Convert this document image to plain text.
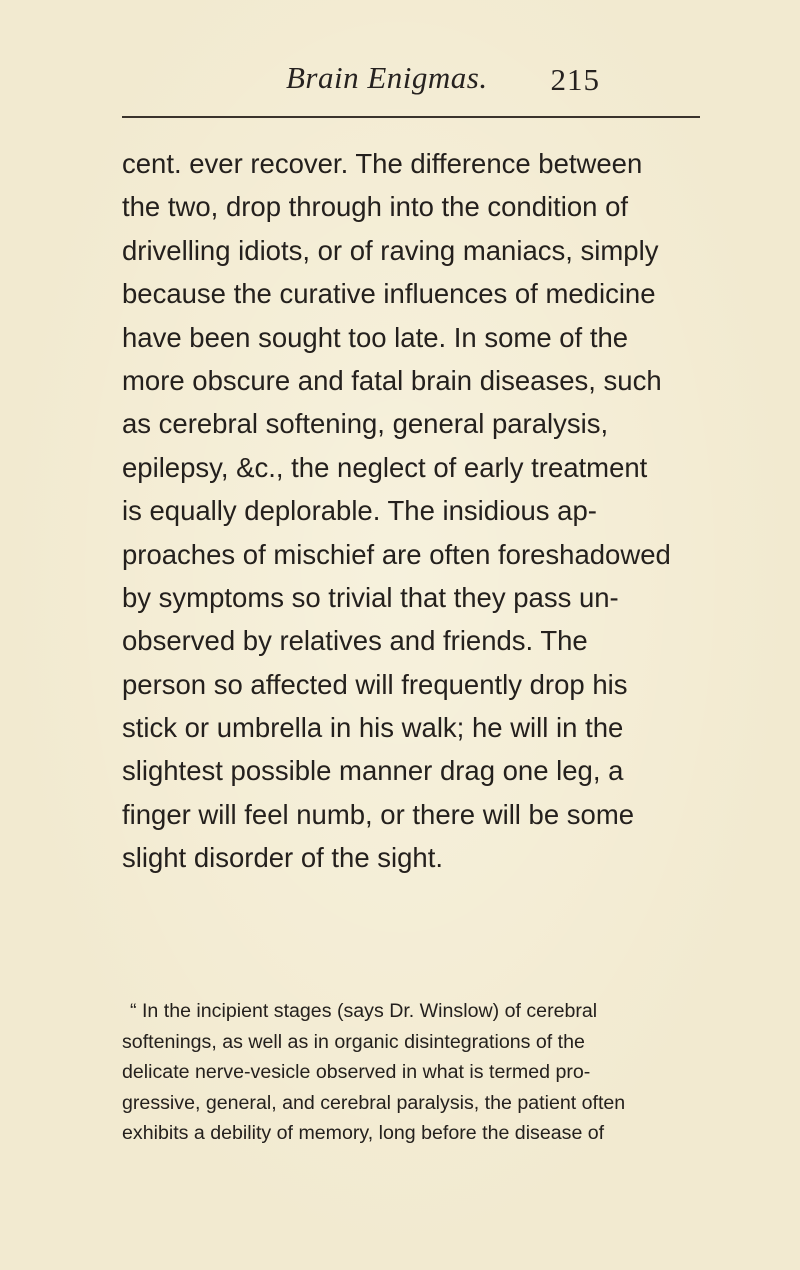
Brain Enigmas. 215
cent. ever recover. The difference between
the two, drop through into the condition of
drivelling idiots, or of raving maniacs, simply
because the curative influences of medicine
have been sought too late. In some of the
more obscure and fatal brain diseases, such
as cerebral softening, general paralysis,
epilepsy, &c., the neglect of early treatment
is equally deplorable. The insidious ap-
proaches of mischief are often foreshadowed
by symptoms so trivial that they pass un-
observed by relatives and friends. The
person so affected will frequently drop his
stick or umbrella in his walk; he will in the
slightest possible manner drag one leg, a
finger will feel numb, or there will be some
slight disorder of the sight.
“ In the incipient stages (says Dr. Winslow) of cerebral
softenings, as well as in organic disintegrations of the
delicate nerve-vesicle observed in what is termed pro-
gressive, general, and cerebral paralysis, the patient often
exhibits a debility of memory, long before the disease of
